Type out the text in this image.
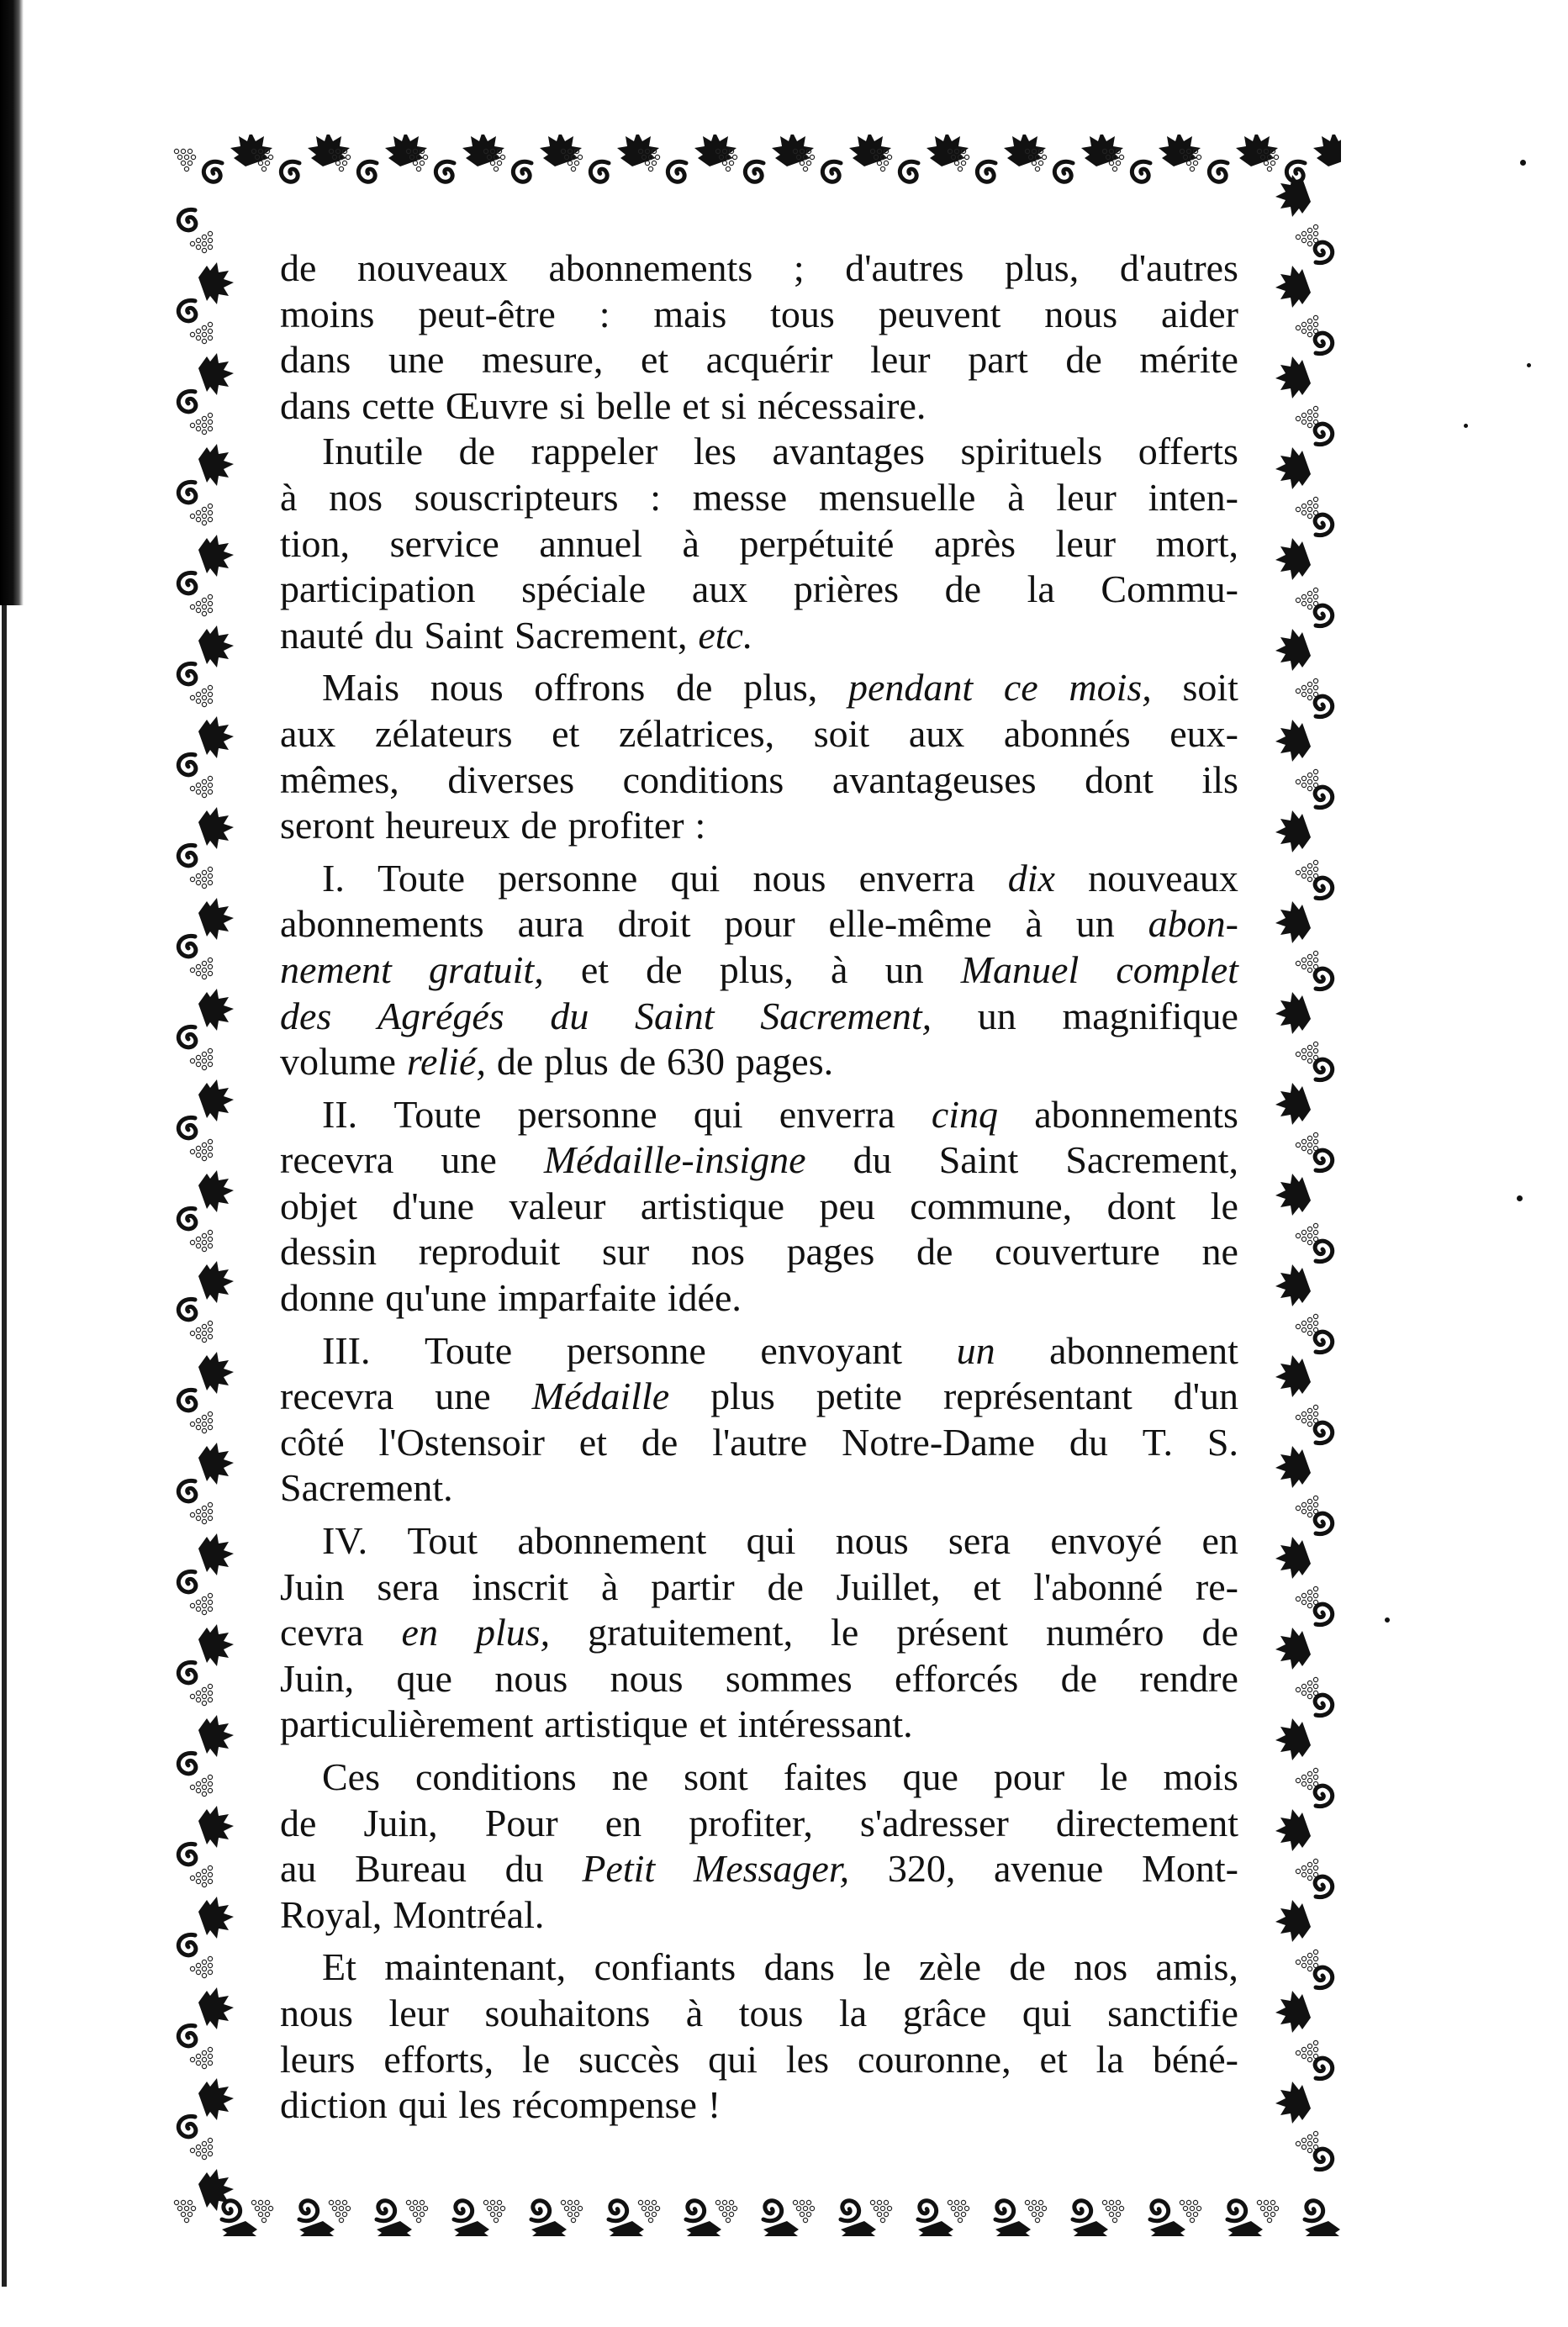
de nouveaux abonnements ; d'autres plus, d'autres
moins peut-être : mais tous peuvent nous aider
dans une mesure, et acquérir leur part de mérite
dans cette Œuvre si belle et si nécessaire.
Inutile de rappeler les avantages spirituels offerts
à nos souscripteurs : messe mensuelle à leur inten-
tion, service annuel à perpétuité après leur mort,
participation spéciale aux prières de la Commu-
nauté du Saint Sacrement, etc.
Mais nous offrons de plus, pendant ce mois, soit
aux zélateurs et zélatrices, soit aux abonnés eux-
mêmes, diverses conditions avantageuses dont ils
seront heureux de profiter :
I. Toute personne qui nous enverra dix nouveaux
abonnements aura droit pour elle-même à un abon-
nement gratuit, et de plus, à un Manuel complet
des Agrégés du Saint Sacrement, un magnifique
volume relié, de plus de 630 pages.
II. Toute personne qui enverra cinq abonnements
recevra une Médaille-insigne du Saint Sacrement,
objet d'une valeur artistique peu commune, dont le
dessin reproduit sur nos pages de couverture ne
donne qu'une imparfaite idée.
III. Toute personne envoyant un abonnement
recevra une Médaille plus petite représentant d'un
côté l'Ostensoir et de l'autre Notre-Dame du T. S.
Sacrement.
IV. Tout abonnement qui nous sera envoyé en
Juin sera inscrit à partir de Juillet, et l'abonné re-
cevra en plus, gratuitement, le présent numéro de
Juin, que nous nous sommes efforcés de rendre
particulièrement artistique et intéressant.
Ces conditions ne sont faites que pour le mois
de Juin, Pour en profiter, s'adresser directement
au Bureau du Petit Messager, 320, avenue Mont-
Royal, Montréal.
Et maintenant, confiants dans le zèle de nos amis,
nous leur souhaitons à tous la grâce qui sanctifie
leurs efforts, le succès qui les couronne, et la béné-
diction qui les récompense !
